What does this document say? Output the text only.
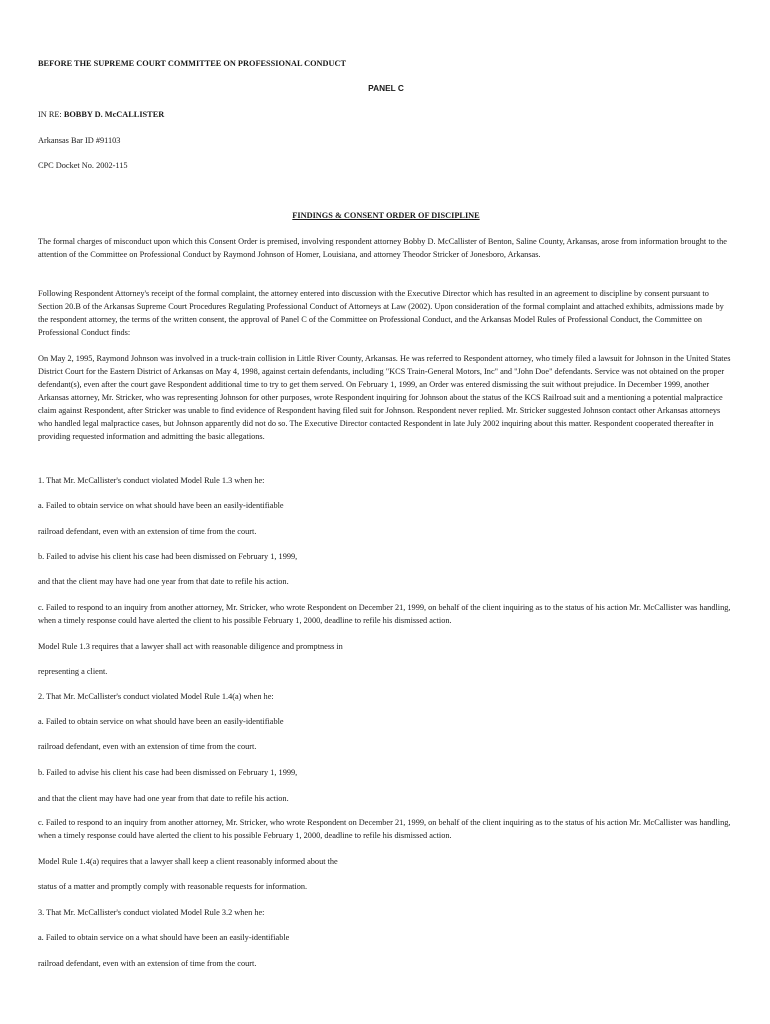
BEFORE THE SUPREME COURT COMMITTEE ON PROFESSIONAL CONDUCT

PANEL C

IN RE: BOBBY D. McCALLISTER

Arkansas Bar ID #91103

CPC Docket No. 2002-115

FINDINGS & CONSENT ORDER OF DISCIPLINE

The formal charges of misconduct upon which this Consent Order is premised, involving respondent attorney Bobby D. McCallister of Benton, Saline County, Arkansas, arose from information brought to the attention of the Committee on Professional Conduct by Raymond Johnson of Homer, Louisiana, and attorney Theodor Stricker of Jonesboro, Arkansas.

Following Respondent Attorney's receipt of the formal complaint, the attorney entered into discussion with the Executive Director which has resulted in an agreement to discipline by consent pursuant to Section 20.B of the Arkansas Supreme Court Procedures Regulating Professional Conduct of Attorneys at Law (2002). Upon consideration of the formal complaint and attached exhibits, admissions made by the respondent attorney, the terms of the written consent, the approval of Panel C of the Committee on Professional Conduct, and the Arkansas Model Rules of Professional Conduct, the Committee on Professional Conduct finds:

On May 2, 1995, Raymond Johnson was involved in a truck-train collision in Little River County, Arkansas. He was referred to Respondent attorney, who timely filed a lawsuit for Johnson in the United States District Court for the Eastern District of Arkansas on May 4, 1998, against certain defendants, including "KCS Train-General Motors, Inc" and "John Doe" defendants. Service was not obtained on the proper defendant(s), even after the court gave Respondent additional time to try to get them served. On February 1, 1999, an Order was entered dismissing the suit without prejudice. In December 1999, another Arkansas attorney, Mr. Stricker, who was representing Johnson for other purposes, wrote Respondent inquiring for Johnson about the status of the KCS Railroad suit and a mentioning a potential malpractice claim against Respondent, after Stricker was unable to find evidence of Respondent having filed suit for Johnson. Respondent never replied. Mr. Stricker suggested Johnson contact other Arkansas attorneys who handled legal malpractice cases, but Johnson apparently did not do so. The Executive Director contacted Respondent in late July 2002 inquiring about this matter. Respondent cooperated thereafter in providing requested information and admitting the basic allegations.

1. That Mr. McCallister's conduct violated Model Rule 1.3 when he:

a. Failed to obtain service on what should have been an easily-identifiable

railroad defendant, even with an extension of time from the court.

b. Failed to advise his client his case had been dismissed on February 1, 1999,

and that the client may have had one year from that date to refile his action.

c. Failed to respond to an inquiry from another attorney, Mr. Stricker, who wrote Respondent on December 21, 1999, on behalf of the client inquiring as to the status of his action Mr. McCallister was handling, when a timely response could have alerted the client to his possible February 1, 2000, deadline to refile his dismissed action.

Model Rule 1.3 requires that a lawyer shall act with reasonable diligence and promptness in

representing a client.

2. That Mr. McCallister's conduct violated Model Rule 1.4(a) when he:

a. Failed to obtain service on what should have been an easily-identifiable

railroad defendant, even with an extension of time from the court.

b. Failed to advise his client his case had been dismissed on February 1, 1999,

and that the client may have had one year from that date to refile his action.

c. Failed to respond to an inquiry from another attorney, Mr. Stricker, who wrote Respondent on December 21, 1999, on behalf of the client inquiring as to the status of his action Mr. McCallister was handling, when a timely response could have alerted the client to his possible February 1, 2000, deadline to refile his dismissed action.

Model Rule 1.4(a) requires that a lawyer shall keep a client reasonably informed about the

status of a matter and promptly comply with reasonable requests for information.

3. That Mr. McCallister's conduct violated Model Rule 3.2 when he:

a. Failed to obtain service on a what should have been an easily-identifiable

railroad defendant, even with an extension of time from the court.
